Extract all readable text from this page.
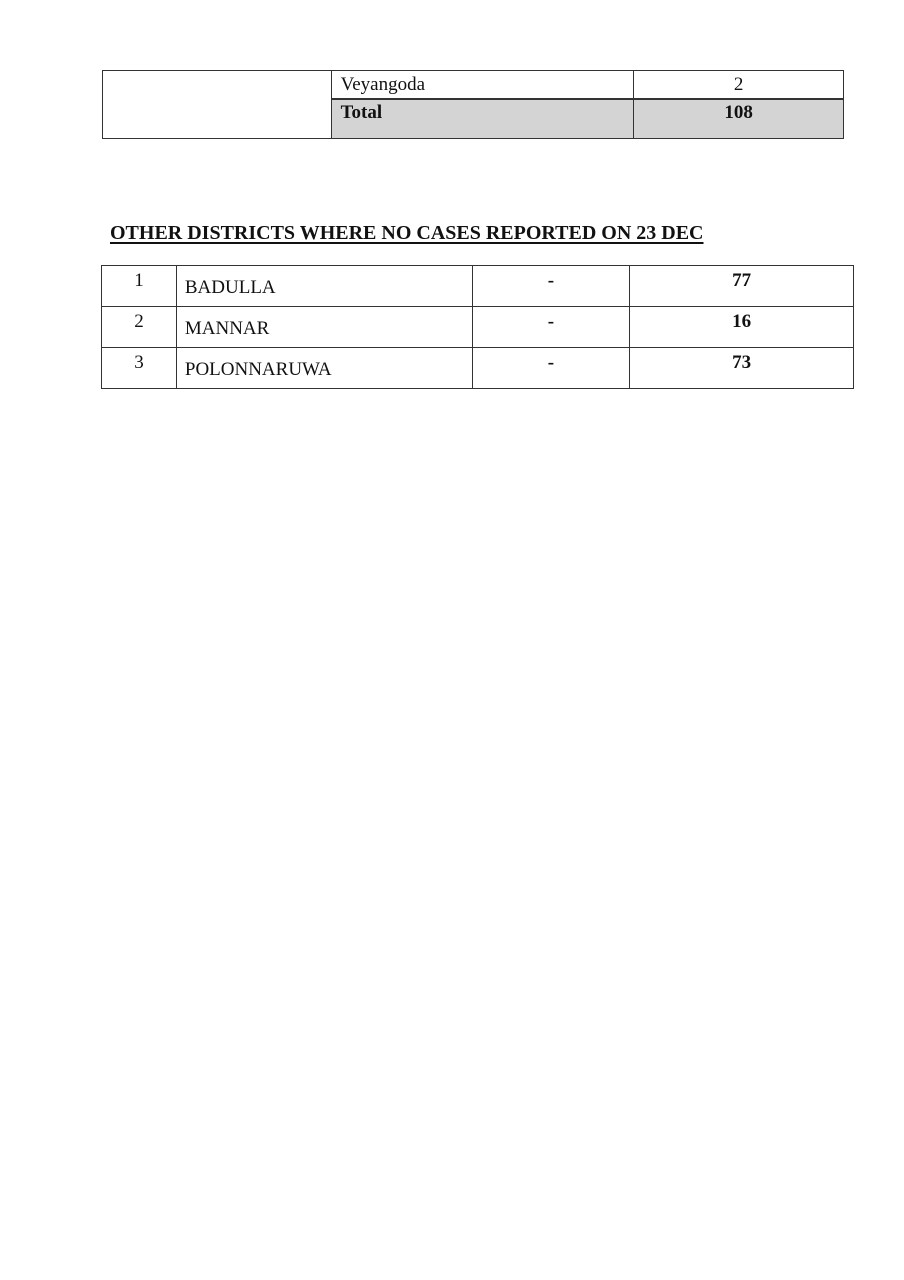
	Veyangoda	2
	Total	108
OTHER DISTRICTS WHERE NO CASES REPORTED ON 23 DEC
1	BADULLA	-	77
2	MANNAR	-	16
3	POLONNARUWA	-	73
